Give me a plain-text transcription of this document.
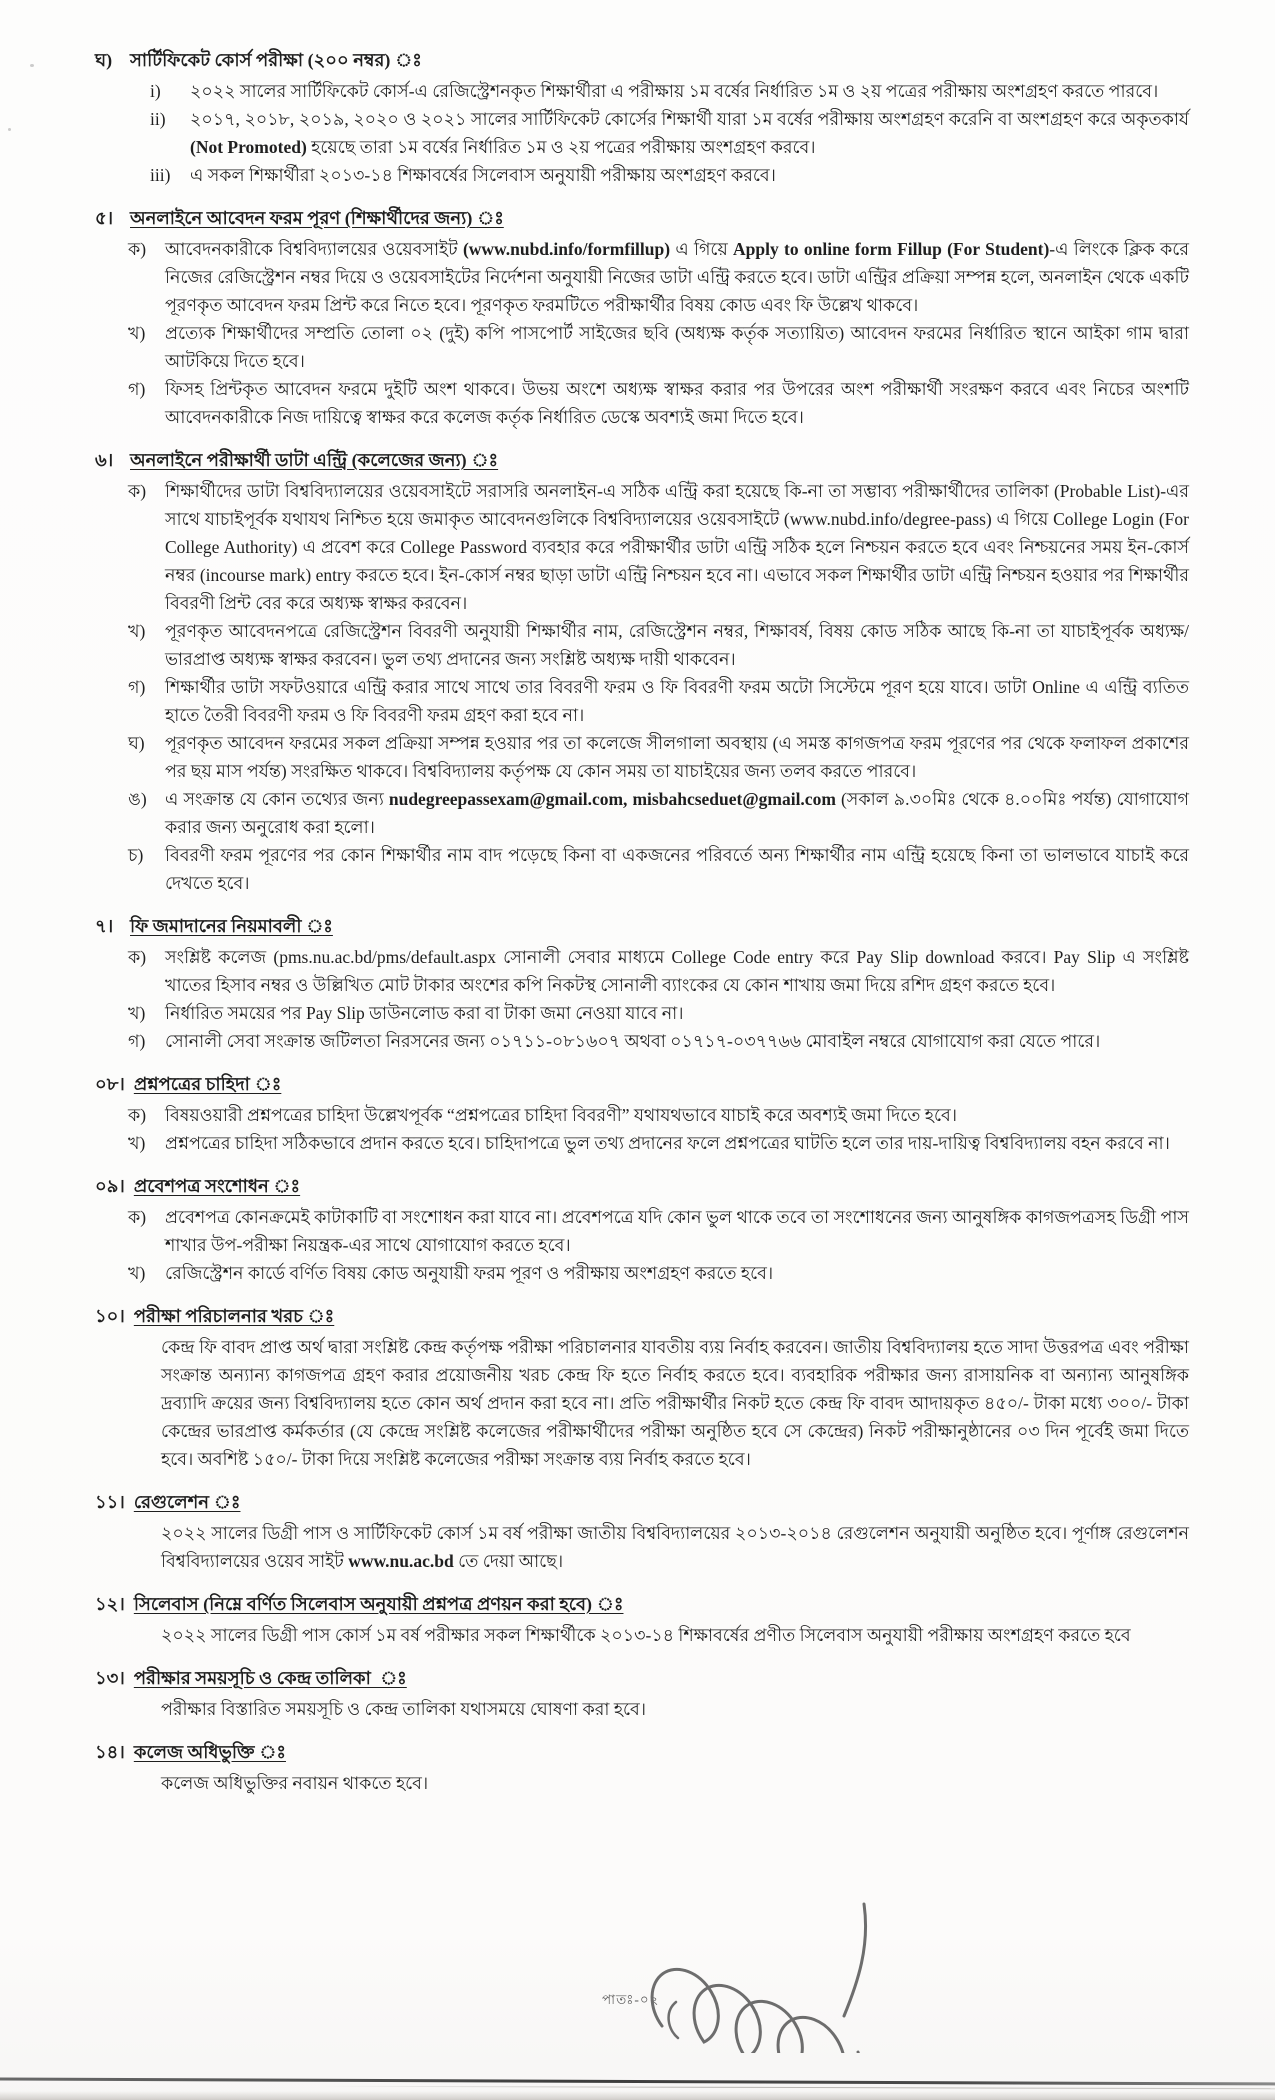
ঘ) সার্টিফিকেট কোর্স পরীক্ষা (২০০ নম্বর) ঃ
i)	২০২২ সালের সার্টিফিকেট কোর্স-এ রেজিস্ট্রেশনকৃত শিক্ষার্থীরা এ পরীক্ষায় ১ম বর্ষের নির্ধারিত ১ম ও ২য় পত্রের পরীক্ষায় অংশগ্রহণ করতে পারবে।
ii)	২০১৭, ২০১৮, ২০১৯, ২০২০ ও ২০২১ সালের সার্টিফিকেট কোর্সের শিক্ষার্থী যারা ১ম বর্ষের পরীক্ষায় অংশগ্রহণ করেনি বা অংশগ্রহণ করে অকৃতকার্য (Not Promoted) হয়েছে তারা ১ম বর্ষের নির্ধারিত ১ম ও ২য় পত্রের পরীক্ষায় অংশগ্রহণ করবে।
iii)	এ সকল শিক্ষার্থীরা ২০১৩-১৪ শিক্ষাবর্ষের সিলেবাস অনুযায়ী পরীক্ষায় অংশগ্রহণ করবে।
৫। অনলাইনে আবেদন ফরম পূরণ (শিক্ষার্থীদের জন্য) ঃ
ক)	আবেদনকারীকে বিশ্ববিদ্যালয়ের ওয়েবসাইট (www.nubd.info/formfillup) এ গিয়ে Apply to online form Fillup (For Student)-এ লিংকে ক্লিক করে নিজের রেজিস্ট্রেশন নম্বর দিয়ে ও ওয়েবসাইটের নির্দেশনা অনুযায়ী নিজের ডাটা এন্ট্রি করতে হবে। ডাটা এন্ট্রির প্রক্রিয়া সম্পন্ন হলে, অনলাইন থেকে একটি পূরণকৃত আবেদন ফরম প্রিন্ট করে নিতে হবে। পূরণকৃত ফরমটিতে পরীক্ষার্থীর বিষয় কোড এবং ফি উল্লেখ থাকবে।
খ)	প্রত্যেক শিক্ষার্থীদের সম্প্রতি তোলা ০২ (দুই) কপি পাসপোর্ট সাইজের ছবি (অধ্যক্ষ কর্তৃক সত্যায়িত) আবেদন ফরমের নির্ধারিত স্থানে আইকা গাম দ্বারা আটকিয়ে দিতে হবে।
গ)	ফিসহ প্রিন্টকৃত আবেদন ফরমে দুইটি অংশ থাকবে। উভয় অংশে অধ্যক্ষ স্বাক্ষর করার পর উপরের অংশ পরীক্ষার্থী সংরক্ষণ করবে এবং নিচের অংশটি আবেদনকারীকে নিজ দায়িত্বে স্বাক্ষর করে কলেজ কর্তৃক নির্ধারিত ডেস্কে অবশ্যই জমা দিতে হবে।
৬। অনলাইনে পরীক্ষার্থী ডাটা এন্ট্রি (কলেজের জন্য) ঃ
ক)	শিক্ষার্থীদের ডাটা বিশ্ববিদ্যালয়ের ওয়েবসাইটে সরাসরি অনলাইন-এ সঠিক এন্ট্রি করা হয়েছে কি-না তা সম্ভাব্য পরীক্ষার্থীদের তালিকা (Probable List)-এর সাথে যাচাইপূর্বক যথাযথ নিশ্চিত হয়ে জমাকৃত আবেদনগুলিকে বিশ্ববিদ্যালয়ের ওয়েবসাইটে (www.nubd.info/degree-pass) এ গিয়ে College Login (For College Authority) এ প্রবেশ করে College Password ব্যবহার করে পরীক্ষার্থীর ডাটা এন্ট্রি সঠিক হলে নিশ্চয়ন করতে হবে এবং নিশ্চয়নের সময় ইন-কোর্স নম্বর (incourse mark) entry করতে হবে। ইন-কোর্স নম্বর ছাড়া ডাটা এন্ট্রি নিশ্চয়ন হবে না। এভাবে সকল শিক্ষার্থীর ডাটা এন্ট্রি নিশ্চয়ন হওয়ার পর শিক্ষার্থীর বিবরণী প্রিন্ট বের করে অধ্যক্ষ স্বাক্ষর করবেন।
খ)	পূরণকৃত আবেদনপত্রে রেজিস্ট্রেশন বিবরণী অনুযায়ী শিক্ষার্থীর নাম, রেজিস্ট্রেশন নম্বর, শিক্ষাবর্ষ, বিষয় কোড সঠিক আছে কি-না তা যাচাইপূর্বক অধ্যক্ষ/ভারপ্রাপ্ত অধ্যক্ষ স্বাক্ষর করবেন। ভুল তথ্য প্রদানের জন্য সংশ্লিষ্ট অধ্যক্ষ দায়ী থাকবেন।
গ)	শিক্ষার্থীর ডাটা সফটওয়ারে এন্ট্রি করার সাথে সাথে তার বিবরণী ফরম ও ফি বিবরণী ফরম অটো সিস্টেমে পূরণ হয়ে যাবে। ডাটা Online এ এন্ট্রি ব্যতিত হাতে তৈরী বিবরণী ফরম ও ফি বিবরণী ফরম গ্রহণ করা হবে না।
ঘ)	পূরণকৃত আবেদন ফরমের সকল প্রক্রিয়া সম্পন্ন হওয়ার পর তা কলেজে সীলগালা অবস্থায় (এ সমস্ত কাগজপত্র ফরম পূরণের পর থেকে ফলাফল প্রকাশের পর ছয় মাস পর্যন্ত) সংরক্ষিত থাকবে। বিশ্ববিদ্যালয় কর্তৃপক্ষ যে কোন সময় তা যাচাইয়ের জন্য তলব করতে পারবে।
ঙ)	এ সংক্রান্ত যে কোন তথ্যের জন্য nudegreepassexam@gmail.com, misbahcseduet@gmail.com (সকাল ৯.৩০মিঃ থেকে ৪.০০মিঃ পর্যন্ত) যোগাযোগ করার জন্য অনুরোধ করা হলো।
চ)	বিবরণী ফরম পূরণের পর কোন শিক্ষার্থীর নাম বাদ পড়েছে কিনা বা একজনের পরিবর্তে অন্য শিক্ষার্থীর নাম এন্ট্রি হয়েছে কিনা তা ভালভাবে যাচাই করে দেখতে হবে।
৭। ফি জমাদানের নিয়মাবলী ঃ
ক)	সংশ্লিষ্ট কলেজ (pms.nu.ac.bd/pms/default.aspx সোনালী সেবার মাধ্যমে College Code entry করে Pay Slip download করবে। Pay Slip এ সংশ্লিষ্ট খাতের হিসাব নম্বর ও উল্লিখিত মোট টাকার অংশের কপি নিকটস্থ সোনালী ব্যাংকের যে কোন শাখায় জমা দিয়ে রশিদ গ্রহণ করতে হবে।
খ)	নির্ধারিত সময়ের পর Pay Slip ডাউনলোড করা বা টাকা জমা নেওয়া যাবে না।
গ)	সোনালী সেবা সংক্রান্ত জটিলতা নিরসনের জন্য ০১৭১১-০৮১৬০৭ অথবা ০১৭১৭-০৩৭৭৬৬ মোবাইল নম্বরে যোগাযোগ করা যেতে পারে।
০৮। প্রশ্নপত্রের চাহিদা ঃ
ক)	বিষয়ওয়ারী প্রশ্নপত্রের চাহিদা উল্লেখপূর্বক “প্রশ্নপত্রের চাহিদা বিবরণী” যথাযথভাবে যাচাই করে অবশ্যই জমা দিতে হবে।
খ)	প্রশ্নপত্রের চাহিদা সঠিকভাবে প্রদান করতে হবে। চাহিদাপত্রে ভুল তথ্য প্রদানের ফলে প্রশ্নপত্রের ঘাটতি হলে তার দায়-দায়িত্ব বিশ্ববিদ্যালয় বহন করবে না।
০৯। প্রবেশপত্র সংশোধন ঃ
ক)	প্রবেশপত্র কোনক্রমেই কাটাকাটি বা সংশোধন করা যাবে না। প্রবেশপত্রে যদি কোন ভুল থাকে তবে তা সংশোধনের জন্য আনুষঙ্গিক কাগজপত্রসহ ডিগ্রী পাস শাখার উপ-পরীক্ষা নিয়ন্ত্রক-এর সাথে যোগাযোগ করতে হবে।
খ)	রেজিস্ট্রেশন কার্ডে বর্ণিত বিষয় কোড অনুযায়ী ফরম পূরণ ও পরীক্ষায় অংশগ্রহণ করতে হবে।
১০। পরীক্ষা পরিচালনার খরচ ঃ
কেন্দ্র ফি বাবদ প্রাপ্ত অর্থ দ্বারা সংশ্লিষ্ট কেন্দ্র কর্তৃপক্ষ পরীক্ষা পরিচালনার যাবতীয় ব্যয় নির্বাহ করবেন। জাতীয় বিশ্ববিদ্যালয় হতে সাদা উত্তরপত্র এবং পরীক্ষা সংক্রান্ত অন্যান্য কাগজপত্র গ্রহণ করার প্রয়োজনীয় খরচ কেন্দ্র ফি হতে নির্বাহ করতে হবে। ব্যবহারিক পরীক্ষার জন্য রাসায়নিক বা অন্যান্য আনুষঙ্গিক দ্রব্যাদি ক্রয়ের জন্য বিশ্ববিদ্যালয় হতে কোন অর্থ প্রদান করা হবে না। প্রতি পরীক্ষার্থীর নিকট হতে কেন্দ্র ফি বাবদ আদায়কৃত ৪৫০/- টাকা মধ্যে ৩০০/- টাকা কেন্দ্রের ভারপ্রাপ্ত কর্মকর্তার (যে কেন্দ্রে সংশ্লিষ্ট কলেজের পরীক্ষার্থীদের পরীক্ষা অনুষ্ঠিত হবে সে কেন্দ্রের) নিকট পরীক্ষানুষ্ঠানের ০৩ দিন পূর্বেই জমা দিতে হবে। অবশিষ্ট ১৫০/- টাকা দিয়ে সংশ্লিষ্ট কলেজের পরীক্ষা সংক্রান্ত ব্যয় নির্বাহ করতে হবে।
১১। রেগুলেশন ঃ
২০২২ সালের ডিগ্রী পাস ও সার্টিফিকেট কোর্স ১ম বর্ষ পরীক্ষা জাতীয় বিশ্ববিদ্যালয়ের ২০১৩-২০১৪ রেগুলেশন অনুযায়ী অনুষ্ঠিত হবে। পূর্ণাঙ্গ রেগুলেশন বিশ্ববিদ্যালয়ের ওয়েব সাইট www.nu.ac.bd তে দেয়া আছে।
১২। সিলেবাস (নিম্নে বর্ণিত সিলেবাস অনুযায়ী প্রশ্নপত্র প্রণয়ন করা হবে) ঃ
২০২২ সালের ডিগ্রী পাস কোর্স ১ম বর্ষ পরীক্ষার সকল শিক্ষার্থীকে ২০১৩-১৪ শিক্ষাবর্ষের প্রণীত সিলেবাস অনুযায়ী পরীক্ষায় অংশগ্রহণ করতে হবে
১৩। পরীক্ষার সময়সূচি ও কেন্দ্র তালিকা  ঃ
পরীক্ষার বিস্তারিত সময়সূচি ও কেন্দ্র তালিকা যথাসময়ে ঘোষণা করা হবে।
১৪। কলেজ অধিভুক্তি ঃ
কলেজ অধিভুক্তির নবায়ন থাকতে হবে।
পাতঃ-০২
